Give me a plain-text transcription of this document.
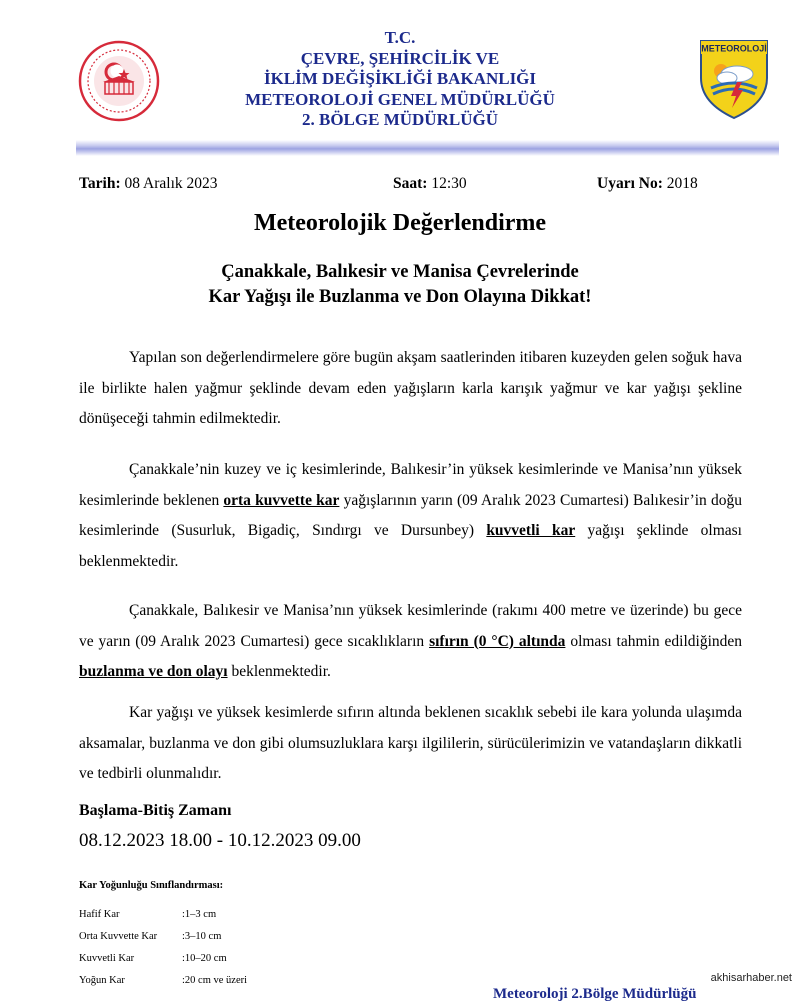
T.C.
ÇEVRE, ŞEHİRCİLİK VE
İKLİM DEĞİŞİKLİĞİ BAKANLIĞI
METEOROLOJİ GENEL MÜDÜRLÜĞÜ
2. BÖLGE MÜDÜRLÜĞÜ
METEOROLOJİ
Tarih: 08 Aralık 2023	Saat: 12:30	Uyarı No: 2018
Meteorolojik Değerlendirme
Çanakkale, Balıkesir ve Manisa Çevrelerinde
Kar Yağışı ile Buzlanma ve Don Olayına Dikkat!
Yapılan son değerlendirmelere göre bugün akşam saatlerinden itibaren kuzeyden gelen soğuk hava ile birlikte halen yağmur şeklinde devam eden yağışların karla karışık yağmur ve kar yağışı şekline dönüşeceği tahmin edilmektedir.
Çanakkale’nin kuzey ve iç kesimlerinde, Balıkesir’in yüksek kesimlerinde ve Manisa’nın yüksek kesimlerinde beklenen orta kuvvette kar yağışlarının yarın (09 Aralık 2023 Cumartesi) Balıkesir’in doğu kesimlerinde (Susurluk, Bigadiç, Sındırgı ve Dursunbey) kuvvetli kar yağışı şeklinde olması beklenmektedir.
Çanakkale, Balıkesir ve Manisa’nın yüksek kesimlerinde (rakımı 400 metre ve üzerinde) bu gece ve yarın (09 Aralık 2023 Cumartesi) gece sıcaklıkların sıfırın (0 °C) altında olması tahmin edildiğinden buzlanma ve don olayı beklenmektedir.
Kar yağışı ve yüksek kesimlerde sıfırın altında beklenen sıcaklık sebebi ile kara yolunda ulaşımda aksamalar, buzlanma ve don gibi olumsuzluklara karşı ilgililerin, sürücülerimizin ve vatandaşların dikkatli ve tedbirli olunmalıdır.
Başlama-Bitiş Zamanı
08.12.2023 18.00 - 10.12.2023 09.00
Kar Yoğunluğu Sınıflandırması:
Hafif Kar	:1–3 cm
Orta Kuvvette Kar :3–10 cm
Kuvvetli Kar	:10–20 cm
Yoğun Kar	:20 cm ve üzeri
Meteoroloji 2.Bölge Müdürlüğü
akhisarhaber.net
